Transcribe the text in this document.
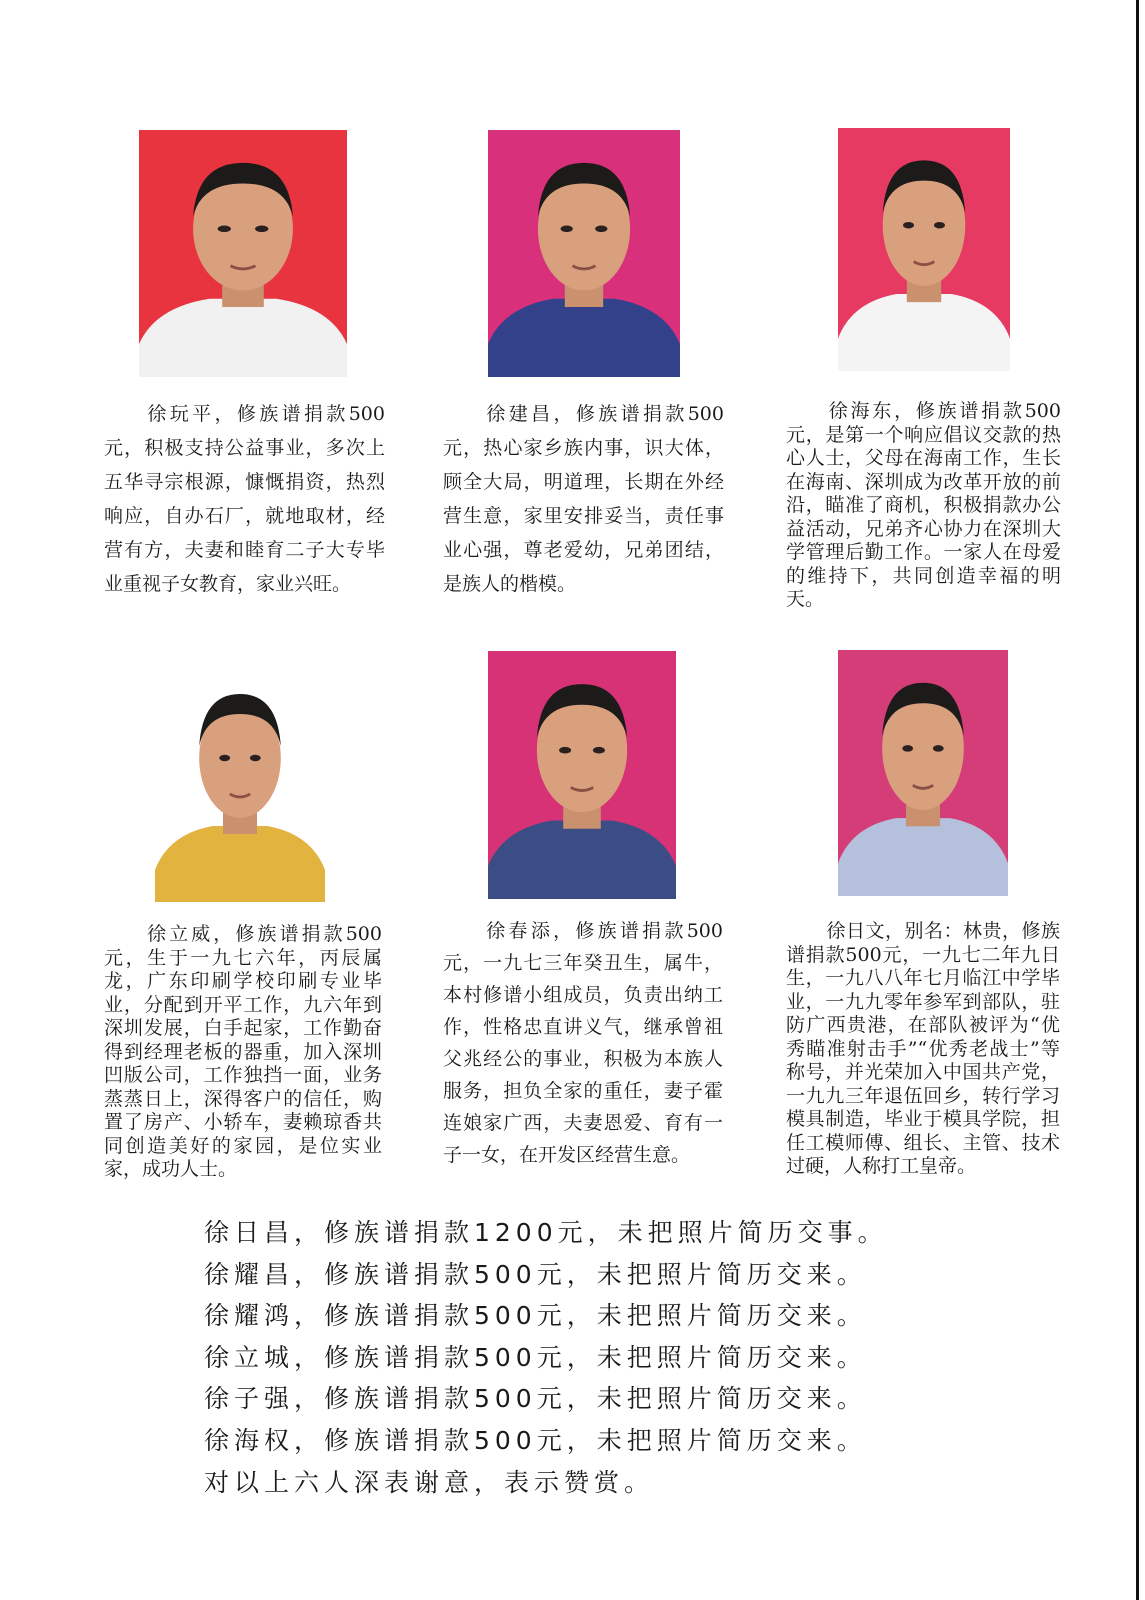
徐玩平，修族谱捐款500元，积极支持公益事业，多次上五华寻宗根源，慷慨捐资，热烈响应，自办石厂，就地取材，经营有方，夫妻和睦育二子大专毕业重视子女教育，家业兴旺。

徐建昌，修族谱捐款500元，热心家乡族内事，识大体，顾全大局，明道理，长期在外经营生意，家里安排妥当，责任事业心强，尊老爱幼，兄弟团结，是族人的楷模。

徐海东，修族谱捐款500元，是第一个响应倡议交款的热心人士，父母在海南工作，生长在海南、深圳成为改革开放的前沿，瞄准了商机，积极捐款办公益活动，兄弟齐心协力在深圳大学管理后勤工作。一家人在母爱的维持下，共同创造幸福的明天。

徐立威，修族谱捐款500元，生于一九七六年，丙辰属龙，广东印刷学校印刷专业毕业，分配到开平工作，九六年到深圳发展，白手起家，工作勤奋得到经理老板的器重，加入深圳凹版公司，工作独挡一面，业务蒸蒸日上，深得客户的信任，购置了房产、小轿车，妻赖琼香共同创造美好的家园，是位实业家，成功人士。

徐春添，修族谱捐款500元，一九七三年癸丑生，属牛，本村修谱小组成员，负责出纳工作，性格忠直讲义气，继承曾祖父兆经公的事业，积极为本族人服务，担负全家的重任，妻子霍连娘家广西，夫妻恩爱、育有一子一女，在开发区经营生意。

徐日文，别名：林贵，修族谱捐款500元，一九七二年九日生，一九八八年七月临江中学毕业，一九九零年参军到部队，驻防广西贵港，在部队被评为“优秀瞄准射击手”“优秀老战士”等称号，并光荣加入中国共产党，一九九三年退伍回乡，转行学习模具制造，毕业于模具学院，担任工模师傅、组长、主管、技术过硬，人称打工皇帝。

徐日昌，修族谱捐款1200元，未把照片简历交事。
徐耀昌，修族谱捐款500元，未把照片简历交来。
徐耀鸿，修族谱捐款500元，未把照片简历交来。
徐立城，修族谱捐款500元，未把照片简历交来。
徐子强，修族谱捐款500元，未把照片简历交来。
徐海权，修族谱捐款500元，未把照片简历交来。
对以上六人深表谢意，表示赞赏。
